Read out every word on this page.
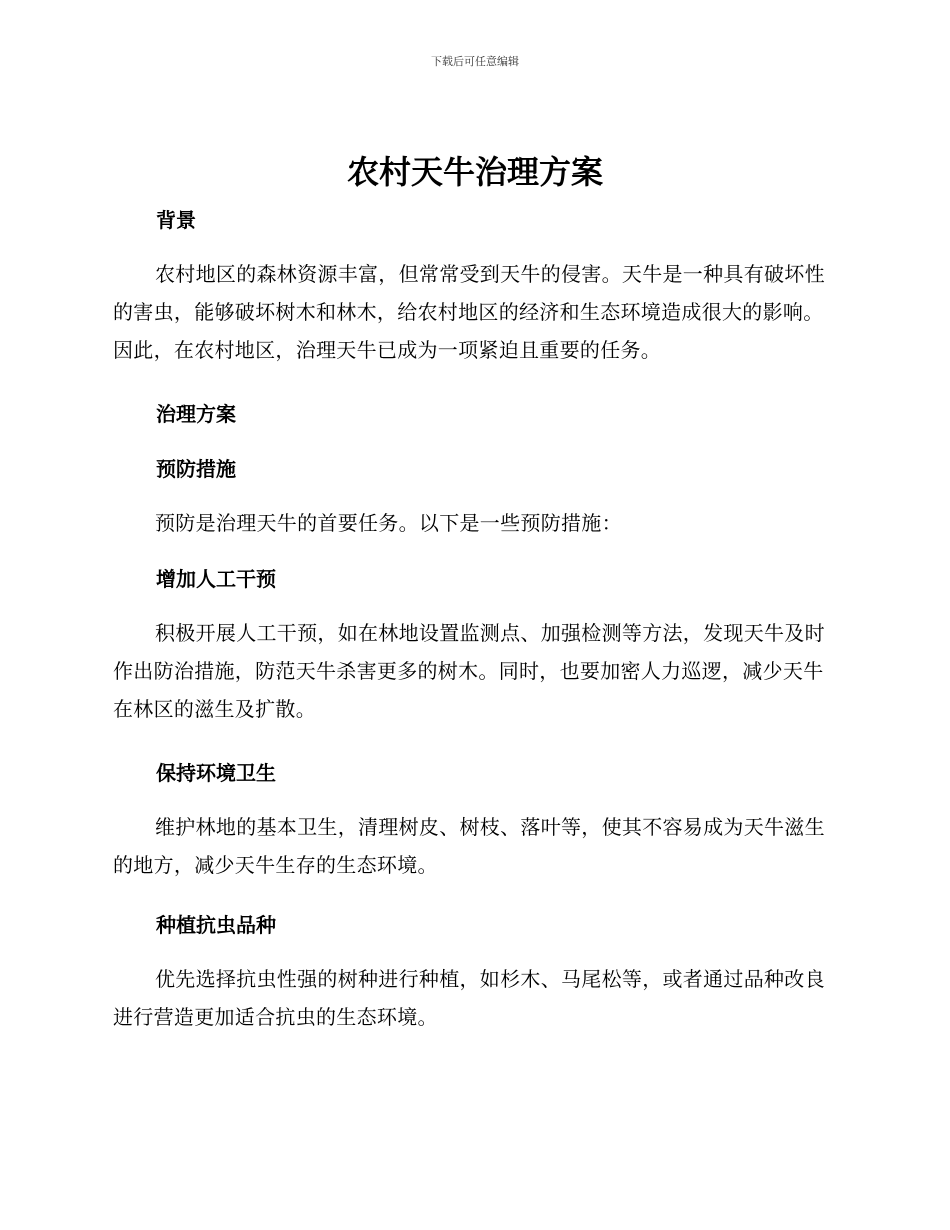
下载后可任意编辑
农村天牛治理方案
背景

农村地区的森林资源丰富，但常常受到天牛的侵害。天牛是一种具有破坏性的害虫，能够破坏树木和林木，给农村地区的经济和生态环境造成很大的影响。因此，在农村地区，治理天牛已成为一项紧迫且重要的任务。

治理方案
预防措施

预防是治理天牛的首要任务。以下是一些预防措施：

增加人工干预

积极开展人工干预，如在林地设置监测点、加强检测等方法，发现天牛及时作出防治措施，防范天牛杀害更多的树木。同时，也要加密人力巡逻，减少天牛在林区的滋生及扩散。

保持环境卫生

维护林地的基本卫生，清理树皮、树枝、落叶等，使其不容易成为天牛滋生的地方，减少天牛生存的生态环境。

种植抗虫品种

优先选择抗虫性强的树种进行种植，如杉木、马尾松等，或者通过品种改良进行营造更加适合抗虫的生态环境。
